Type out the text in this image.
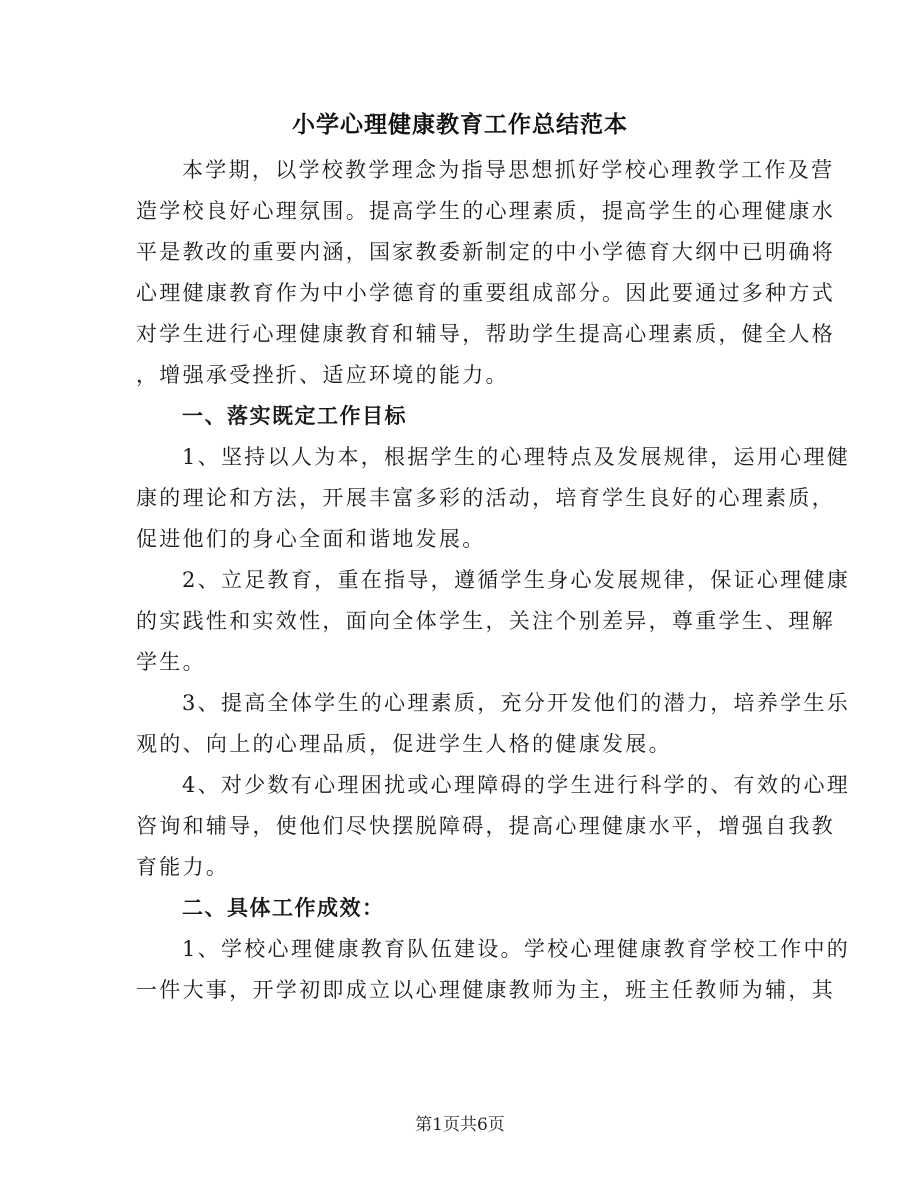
小学心理健康教育工作总结范本
本学期，以学校教学理念为指导思想抓好学校心理教学工作及营
造学校良好心理氛围。提高学生的心理素质，提高学生的心理健康水
平是教改的重要内涵，国家教委新制定的中小学德育大纲中已明确将
心理健康教育作为中小学德育的重要组成部分。因此要通过多种方式
对学生进行心理健康教育和辅导，帮助学生提高心理素质，健全人格
，增强承受挫折、适应环境的能力。
一、落实既定工作目标
1、坚持以人为本，根据学生的心理特点及发展规律，运用心理健
康的理论和方法，开展丰富多彩的活动，培育学生良好的心理素质，
促进他们的身心全面和谐地发展。
2、立足教育，重在指导，遵循学生身心发展规律，保证心理健康
的实践性和实效性，面向全体学生，关注个别差异，尊重学生、理解
学生。
3、提高全体学生的心理素质，充分开发他们的潜力，培养学生乐
观的、向上的心理品质，促进学生人格的健康发展。
4、对少数有心理困扰或心理障碍的学生进行科学的、有效的心理
咨询和辅导，使他们尽快摆脱障碍，提高心理健康水平，增强自我教
育能力。
二、具体工作成效：
1、学校心理健康教育队伍建设。学校心理健康教育学校工作中的
一件大事，开学初即成立以心理健康教师为主，班主任教师为辅，其
第1页共6页
